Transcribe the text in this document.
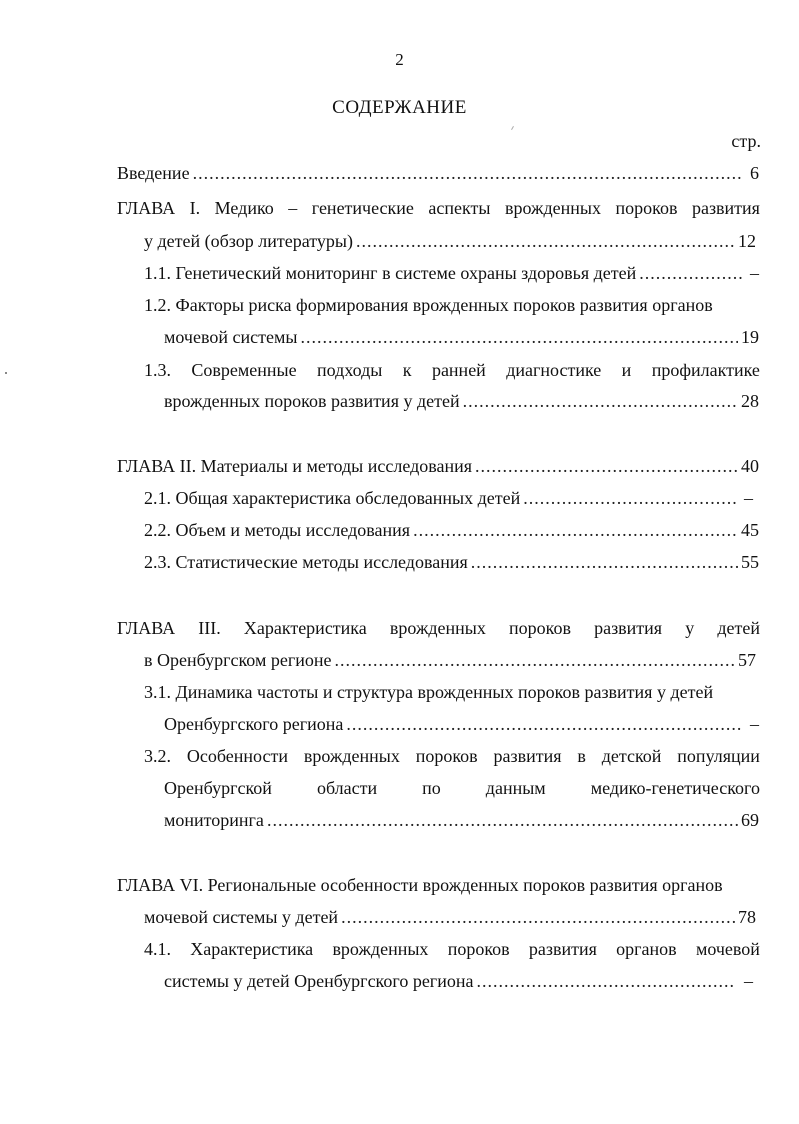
2
СОДЕРЖАНИЕ
стр.
Введение .....	6
ГЛАВА I. Медико – генетические аспекты врожденных пороков развития
у детей (обзор литературы) .....	12
1.1. Генетический мониторинг в системе охраны здоровья детей .....	–
1.2. Факторы риска формирования врожденных пороков развития органов
мочевой системы .....	19
1.3. Современные подходы к ранней диагностике и профилактике
врожденных пороков развития у детей .....	28
ГЛАВА II. Материалы и методы исследования .....	40
2.1. Общая характеристика обследованных детей .....	–
2.2. Объем и методы исследования .....	45
2.3. Статистические методы исследования .....	55
ГЛАВА III. Характеристика врожденных пороков развития у детей
в Оренбургском регионе .....	57
3.1. Динамика частоты и структура врожденных пороков развития у детей
Оренбургского региона .....	–
3.2. Особенности врожденных пороков развития в детской популяции
Оренбургской	области	по	данным	медико-генетического
мониторинга .....	69
ГЛАВА VI. Региональные особенности врожденных пороков развития органов
мочевой системы у детей .....	78
4.1. Характеристика врожденных пороков развития органов мочевой
системы у детей Оренбургского региона .....	–
